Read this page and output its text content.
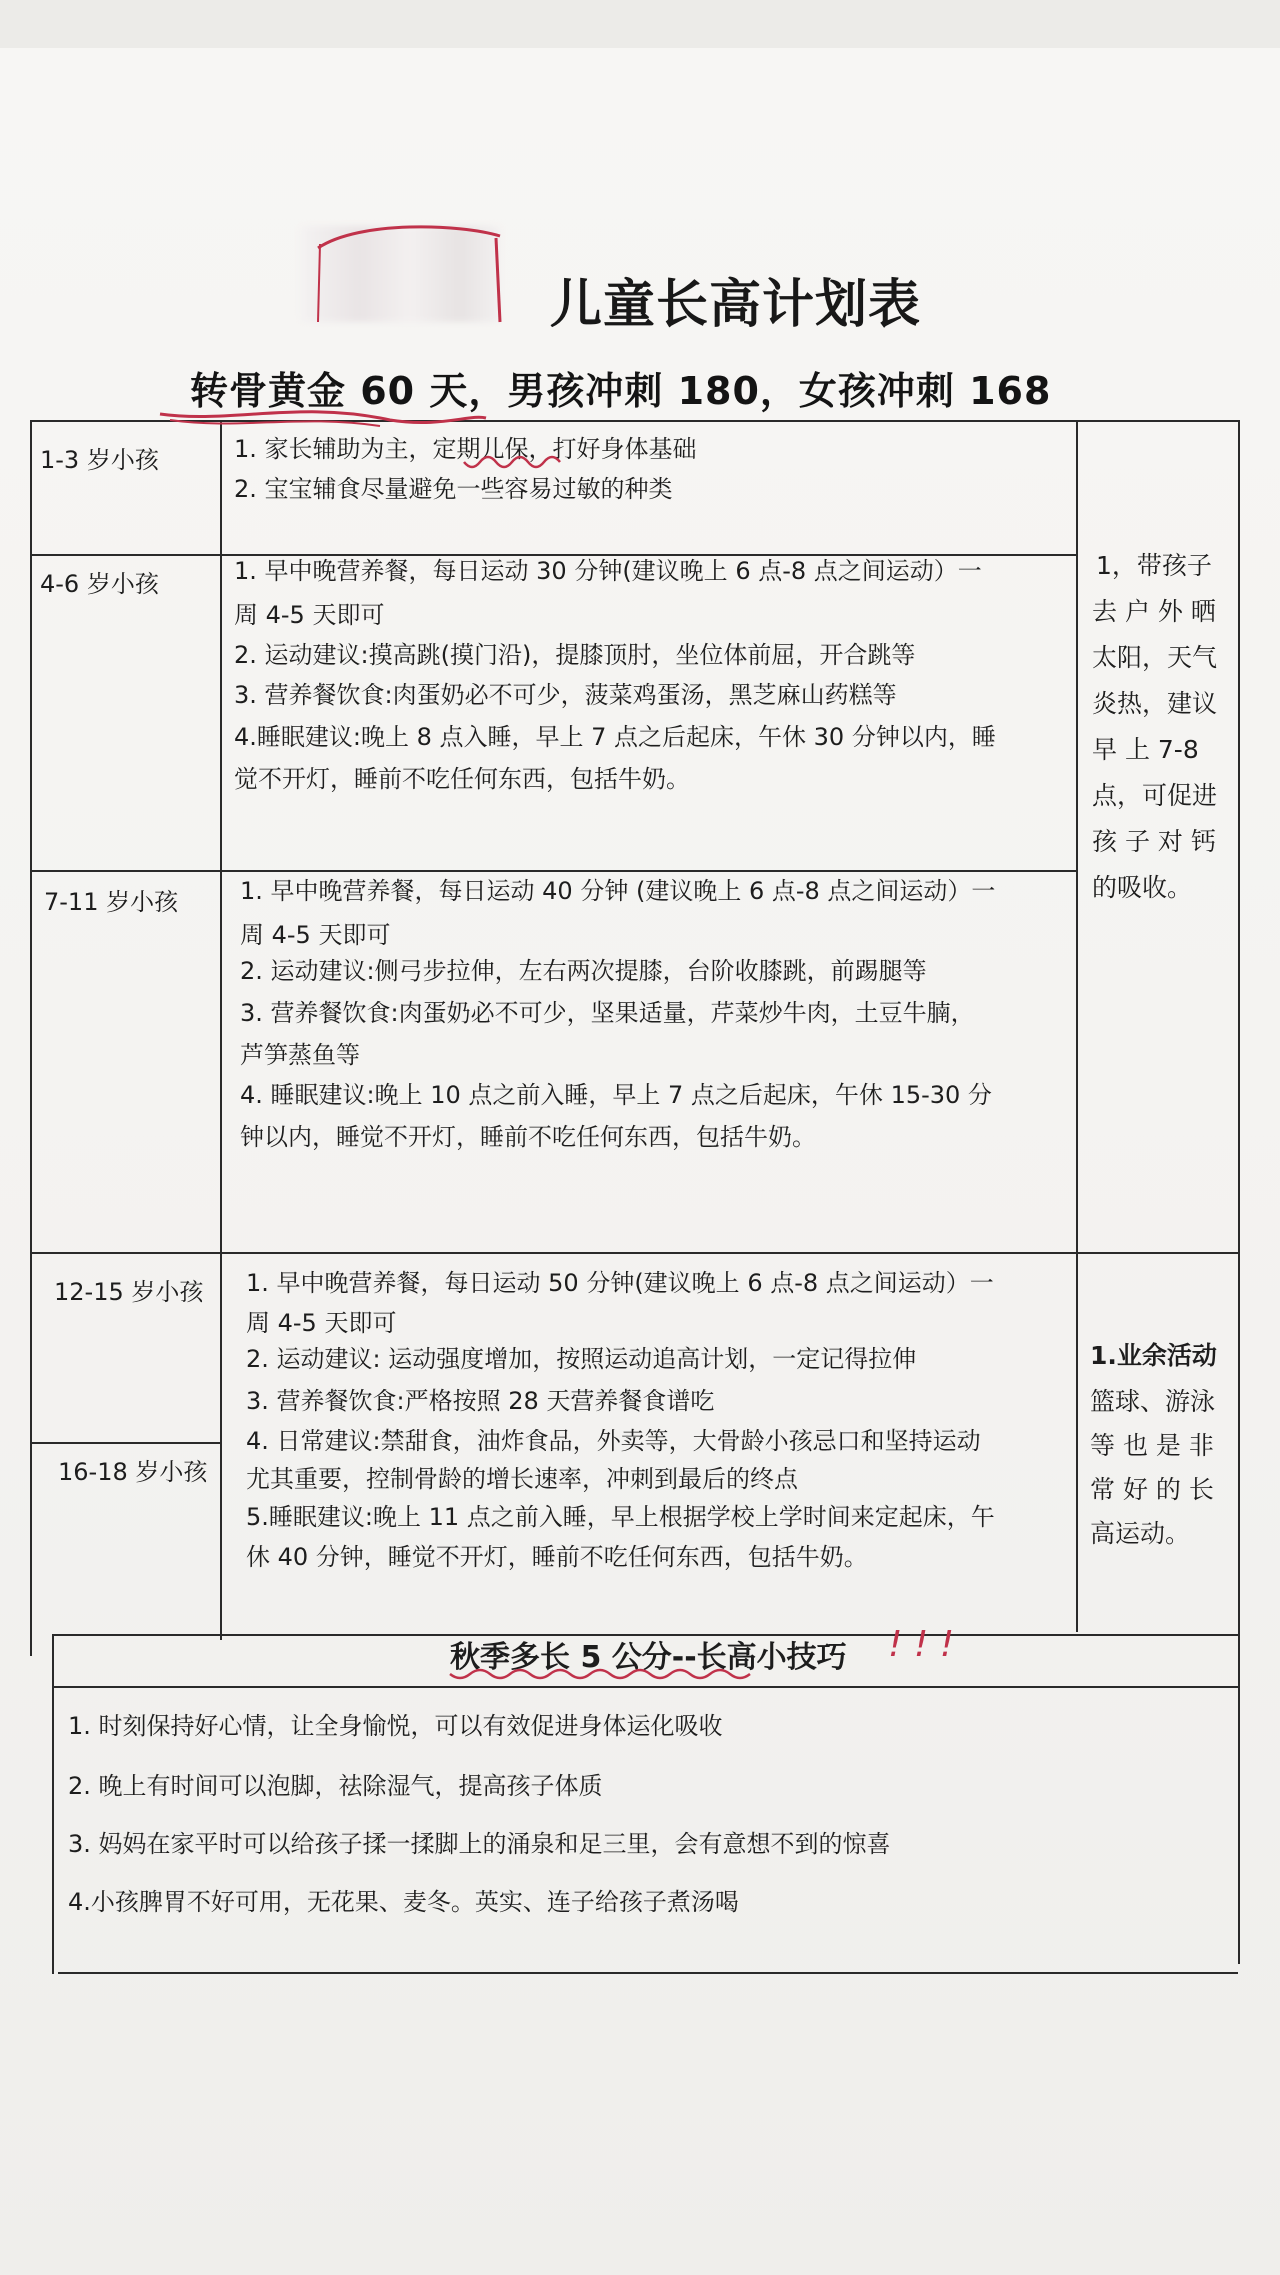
儿童长高计划表
转骨黄金 60 天，男孩冲刺 180，女孩冲刺 168
1-3 岁小孩
4-6 岁小孩
7-11 岁小孩
12-15 岁小孩
16-18 岁小孩
1. 家长辅助为主，定期儿保，打好身体基础
2. 宝宝辅食尽量避免一些容易过敏的种类
1. 早中晚营养餐，每日运动 30 分钟(建议晚上 6 点-8 点之间运动）一
周 4-5 天即可
2. 运动建议:摸高跳(摸门沿)，提膝顶肘，坐位体前屈，开合跳等
3. 营养餐饮食:肉蛋奶必不可少，菠菜鸡蛋汤，黑芝麻山药糕等
4.睡眠建议:晚上 8 点入睡，早上 7 点之后起床，午休 30 分钟以内，睡
觉不开灯，睡前不吃任何东西，包括牛奶。
1. 早中晚营养餐，每日运动 40 分钟 (建议晚上 6 点-8 点之间运动）一
周 4-5 天即可
2. 运动建议:侧弓步拉伸，左右两次提膝，台阶收膝跳，前踢腿等
3. 营养餐饮食:肉蛋奶必不可少，坚果适量，芹菜炒牛肉，土豆牛腩，
芦笋蒸鱼等
4. 睡眠建议:晚上 10 点之前入睡，早上 7 点之后起床，午休 15-30 分
钟以内，睡觉不开灯，睡前不吃任何东西，包括牛奶。
1. 早中晚营养餐，每日运动 50 分钟(建议晚上 6 点-8 点之间运动）一
周 4-5 天即可
2. 运动建议: 运动强度增加，按照运动追高计划，一定记得拉伸
3. 营养餐饮食:严格按照 28 天营养餐食谱吃
4. 日常建议:禁甜食，油炸食品，外卖等，大骨龄小孩忌口和坚持运动
尤其重要，控制骨龄的增长速率，冲刺到最后的终点
5.睡眠建议:晚上 11 点之前入睡，早上根据学校上学时间来定起床，午
休 40 分钟，睡觉不开灯，睡前不吃任何东西，包括牛奶。
1，带孩子
去 户 外 晒
太阳，天气
炎热，建议
早 上 7-8
点，可促进
孩 子 对 钙
的吸收。
1.业余活动
篮球、游泳
等 也 是 非
常 好 的 长
高运动。
秋季多长 5 公分--长高小技巧 ! ! !
1. 时刻保持好心情，让全身愉悦，可以有效促进身体运化吸收
2. 晚上有时间可以泡脚，祛除湿气，提高孩子体质
3. 妈妈在家平时可以给孩子揉一揉脚上的涌泉和足三里，会有意想不到的惊喜
4.小孩脾胃不好可用，无花果、麦冬。英实、连子给孩子煮汤喝
